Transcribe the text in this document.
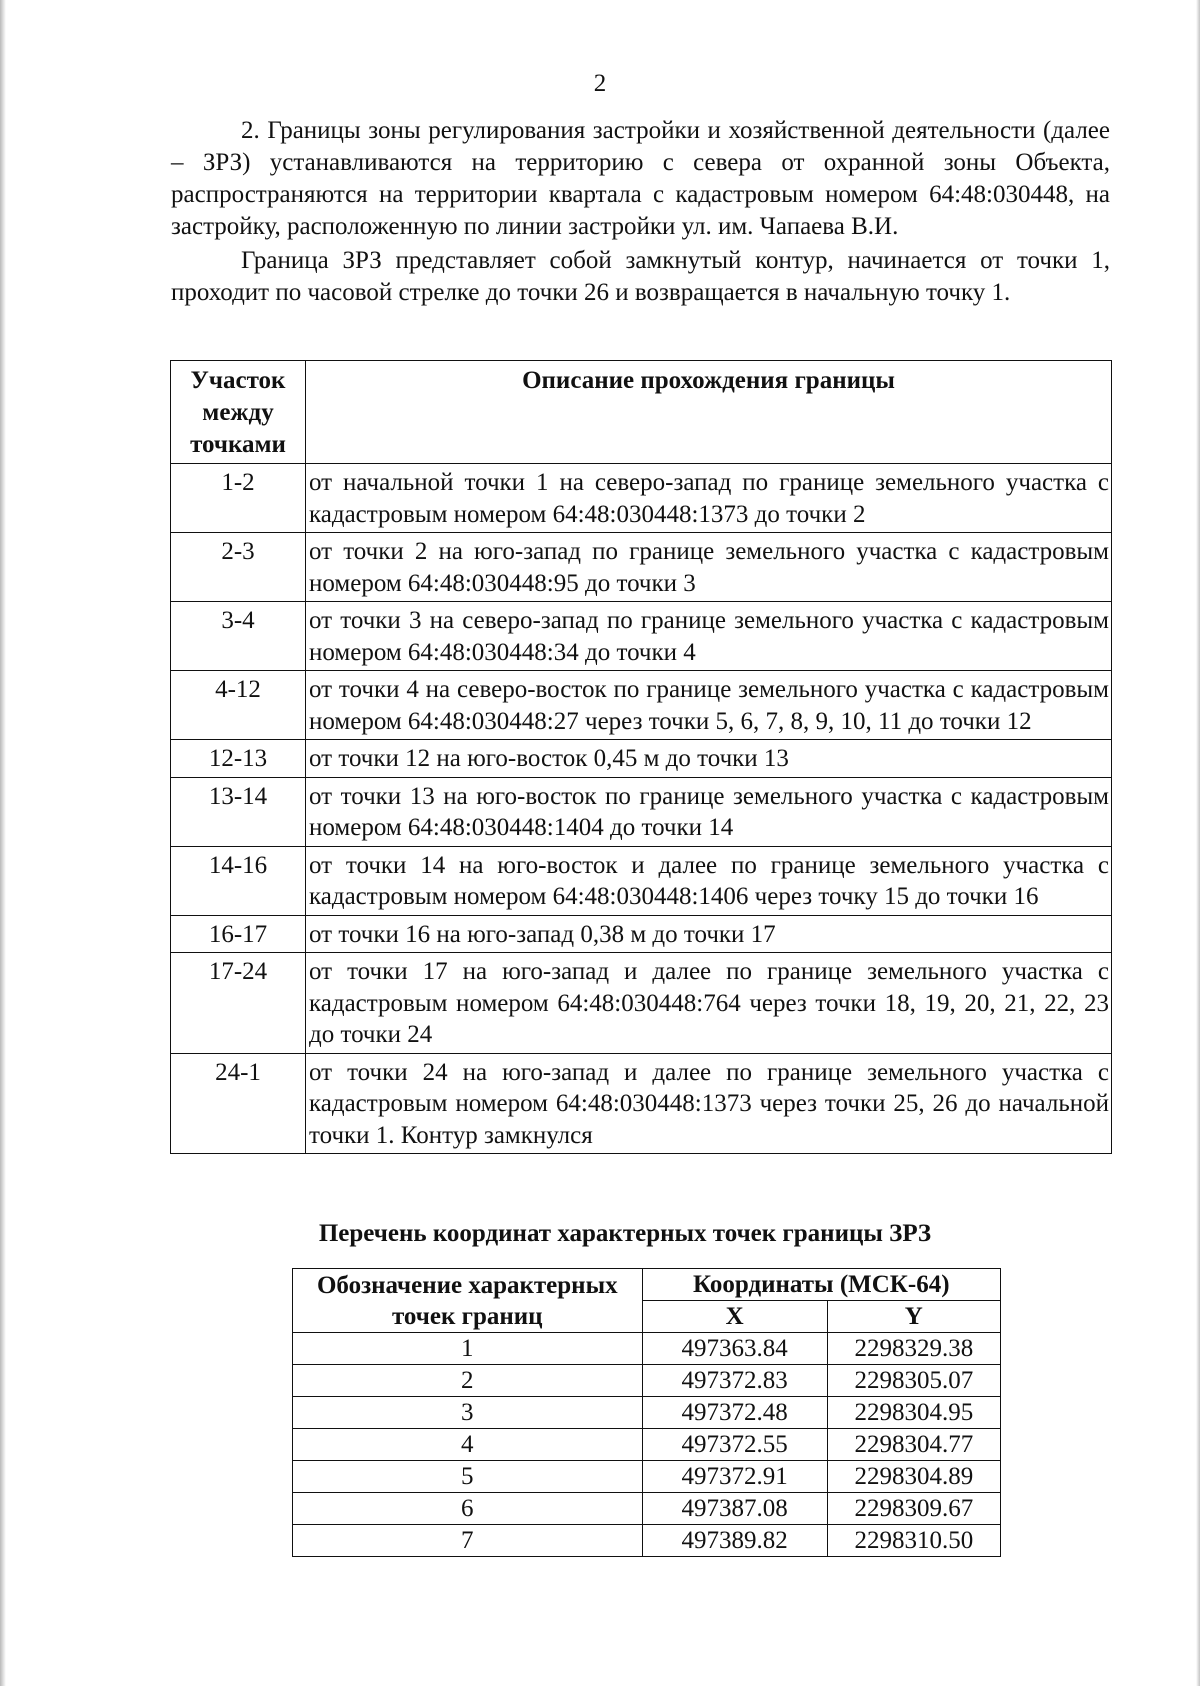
2

2. Границы зоны регулирования застройки и хозяйственной деятельности (далее – ЗРЗ) устанавливаются на территорию с севера от охранной зоны Объекта, распространяются на территории квартала с кадастровым номером 64:48:030448, на застройку, расположенную по линии застройки ул. им. Чапаева В.И.

Граница ЗРЗ представляет собой замкнутый контур, начинается от точки 1, проходит по часовой стрелке до точки 26 и возвращается в начальную точку 1.

Участок между точками	Описание прохождения границы
1-2	от начальной точки 1 на северо-запад по границе земельного участка с кадастровым номером 64:48:030448:1373 до точки 2
2-3	от точки 2 на юго-запад по границе земельного участка с кадастровым номером 64:48:030448:95 до точки 3
3-4	от точки 3 на северо-запад по границе земельного участка с кадастровым номером 64:48:030448:34 до точки 4
4-12	от точки 4 на северо-восток по границе земельного участка с кадастровым номером 64:48:030448:27 через точки 5, 6, 7, 8, 9, 10, 11 до точки 12
12-13	от точки 12 на юго-восток 0,45 м до точки 13
13-14	от точки 13 на юго-восток по границе земельного участка с кадастровым номером 64:48:030448:1404 до точки 14
14-16	от точки 14 на юго-восток и далее по границе земельного участка с кадастровым номером 64:48:030448:1406 через точку 15 до точки 16
16-17	от точки 16 на юго-запад 0,38 м до точки 17
17-24	от точки 17 на юго-запад и далее по границе земельного участка с кадастровым номером 64:48:030448:764 через точки 18, 19, 20, 21, 22, 23 до точки 24
24-1	от точки 24 на юго-запад и далее по границе земельного участка с кадастровым номером 64:48:030448:1373 через точки 25, 26 до начальной точки 1. Контур замкнулся

Перечень координат характерных точек границы ЗРЗ

Обозначение характерных точек границ	Координаты (МСК-64)	
	X	Y
1	497363.84	2298329.38
2	497372.83	2298305.07
3	497372.48	2298304.95
4	497372.55	2298304.77
5	497372.91	2298304.89
6	497387.08	2298309.67
7	497389.82	2298310.50
